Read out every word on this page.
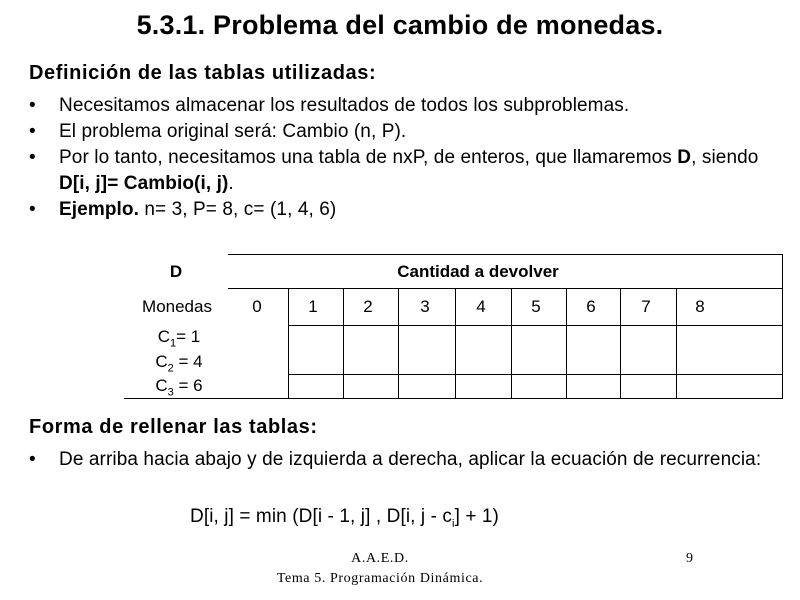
5.3.1. Problema del cambio de monedas.
Definición de las tablas utilizadas:
• Necesitamos almacenar los resultados de todos los subproblemas.
• El problema original será: Cambio (n, P).
• Por lo tanto, necesitamos una tabla de nxP, de enteros, que llamaremos D, siendo D[i, j]= Cambio(i, j).
• Ejemplo. n= 3, P= 8, c= (1, 4, 6)
D	Cantidad a devolver
Monedas	0	1	2	3	4	5	6	7	8
$C_1= 1$
$C_2 = 4$
$C_3 = 6$
Forma de rellenar las tablas:
• De arriba hacia abajo y de izquierda a derecha, aplicar la ecuación de recurrencia:
D[i, j] = min (D[i - 1, j] , D[i, $j - c_i] + 1$)
A.A.E.D.
Tema 5. Programación Dinámica.
9
